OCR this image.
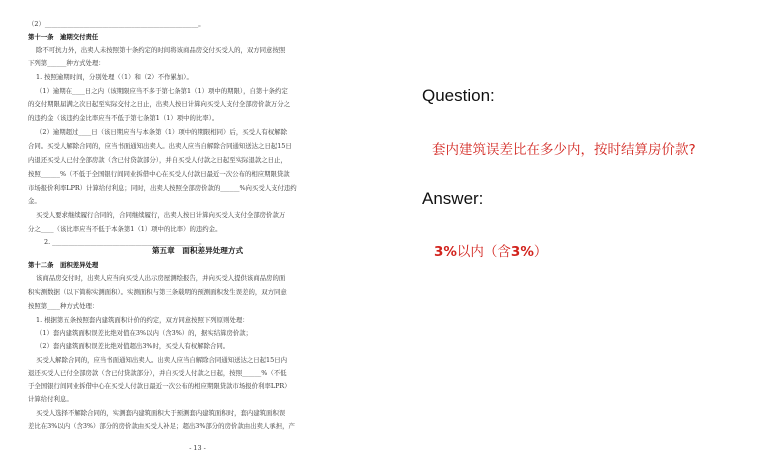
（2）________________________________________________。
第十一条　逾期交付责任
除不可抗力外，出卖人未按照第十条约定的时间将该商品房交付买受人的，双方同意按照
下列第______种方式处理：
1. 按照逾期时间，分别处理（（1）和（2）不作累加）。
（1）逾期在____日之内（该期限应当不多于第七条第1（1）项中的期限），自第十条约定
的交付期限届满之次日起至实际交付之日止，出卖人按日计算向买受人支付全部房价款万分之
的违约金（该违约金比率应当不低于第七条第1（1）项中的比率）。
（2）逾期超过____日（该日期应当与本条第（1）项中的期限相同）后，买受人有权解除
合同。买受人解除合同的，应当书面通知出卖人。出卖人应当自解除合同通知送达之日起15日
内退还买受人已付全部房款（含已付贷款部分），并自买受人付款之日起至实际退款之日止，
按照______%（不低于全国银行间同业拆借中心在买受人付款日最近一次公布的相应期限贷款
市场报价利率LPR）计算给付利息；同时，出卖人按照全部房价款的______%向买受人支付违约
金。
买受人要求继续履行合同的，合同继续履行，出卖人按日计算向买受人支付全部房价款万
分之____（该比率应当不低于本条第1（1）项中的比率）的违约金。
2. ______________________________________________。
第十二条　面积差异处理
该商品房交付时，出卖人应当向买受人出示房屋测绘报告，并向买受人提供该商品房的面
积实测数据（以下简称实测面积）。实测面积与第三条载明的预测面积发生误差的，双方同意
按照第____种方式处理：
1. 根据第五条按照套内建筑面积计价的约定，双方同意按照下列原则处理：
（1）套内建筑面积误差比绝对值在3%以内（含3%）的，据实结算房价款；
（2）套内建筑面积误差比绝对值超出3%时，买受人有权解除合同。
买受人解除合同的，应当书面通知出卖人。出卖人应当自解除合同通知送达之日起15日内
退还买受人已付全部房款（含已付贷款部分），并自买受人付款之日起，按照______%（不低
于全国银行间同业拆借中心在买受人付款日最近一次公布的相应期限贷款市场报价利率LPR）
计算给付利息。
买受人选择不解除合同的，实测套内建筑面积大于预测套内建筑面积时，套内建筑面积误
差比在3%以内（含3%）部分的房价款由买受人补足；超出3%部分的房价款由出卖人承担，产
第五章　面积差异处理方式
- 13 -
Question:
套内建筑误差比在多少内，按时结算房价款?
Answer:
3%以内（含3%）
